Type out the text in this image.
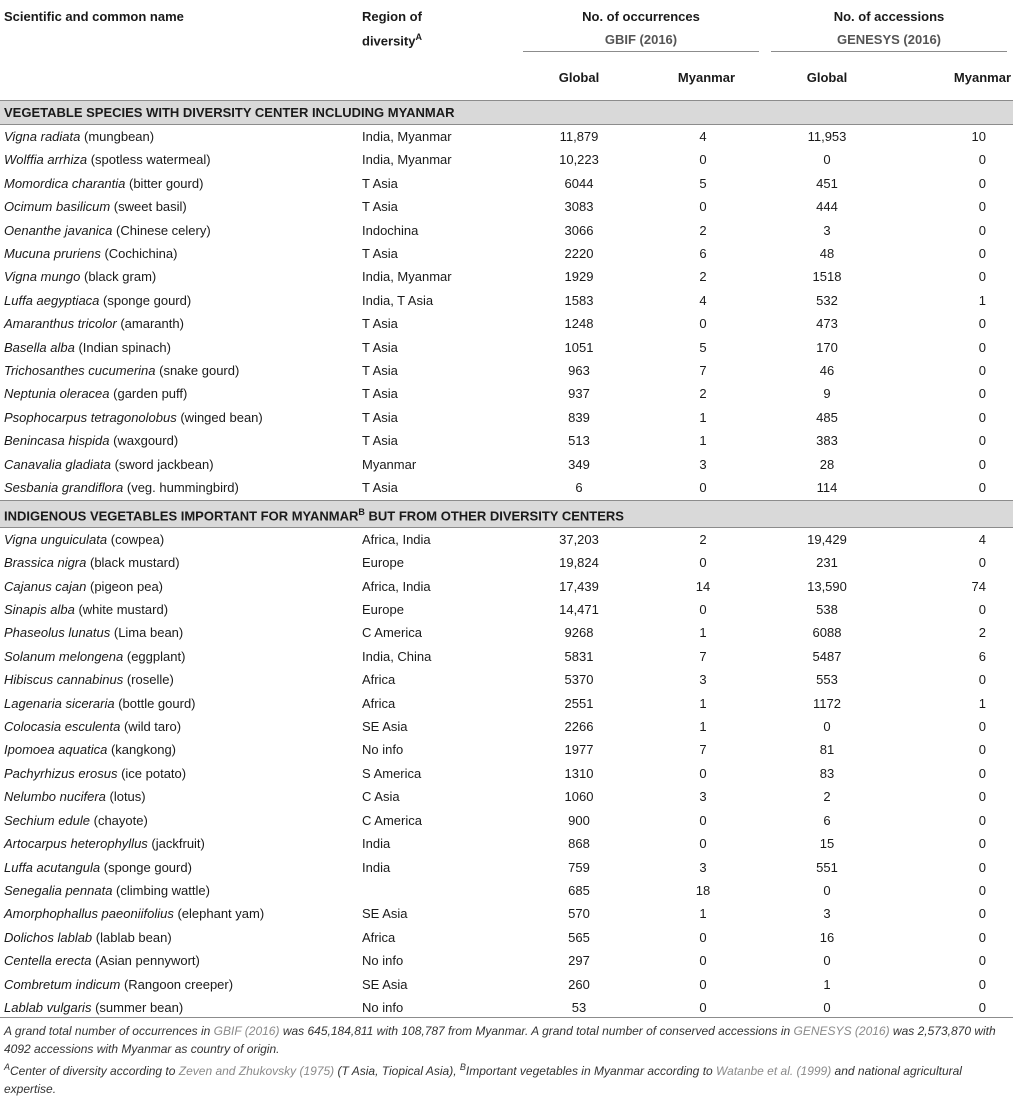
Scientific and common name	Region of	No. of occurrences		No. of accessions	
	diversity$^A$	GBIF (2016)		GENESYS (2016)	

		Global	Myanmar	Global	Myanmar
VEGETABLE SPECIES WITH DIVERSITY CENTER INCLUDING MYANMAR					
Vigna radiata (mungbean)	India, Myanmar	11,879	4	11,953	10
Wolffia arrhiza (spotless watermeal)	India, Myanmar	10,223	0	0	0
Momordica charantia (bitter gourd)	T Asia	6044	5	451	0
Ocimum basilicum (sweet basil)	T Asia	3083	0	444	0
Oenanthe javanica (Chinese celery)	Indochina	3066	2	3	0
Mucuna pruriens (Cochichina)	T Asia	2220	6	48	0
Vigna mungo (black gram)	India, Myanmar	1929	2	1518	0
Luffa aegyptiaca (sponge gourd)	India, T Asia	1583	4	532	1
Amaranthus tricolor (amaranth)	T Asia	1248	0	473	0
Basella alba (Indian spinach)	T Asia	1051	5	170	0
Trichosanthes cucumerina (snake gourd)	T Asia	963	7	46	0
Neptunia oleracea (garden puff)	T Asia	937	2	9	0
Psophocarpus tetragonolobus (winged bean)	T Asia	839	1	485	0
Benincasa hispida (waxgourd)	T Asia	513	1	383	0
Canavalia gladiata (sword jackbean)	Myanmar	349	3	28	0
Sesbania grandiflora (veg. hummingbird)	T Asia	6	0	114	0
INDIGENOUS VEGETABLES IMPORTANT FOR $MYANMAR^B$ BUT FROM OTHER DIVERSITY CENTERS					
Vigna unguiculata (cowpea)	Africa, India	37,203	2	19,429	4
Brassica nigra (black mustard)	Europe	19,824	0	231	0
Cajanus cajan (pigeon pea)	Africa, India	17,439	14	13,590	74
Sinapis alba (white mustard)	Europe	14,471	0	538	0
Phaseolus lunatus (Lima bean)	C America	9268	1	6088	2
Solanum melongena (eggplant)	India, China	5831	7	5487	6
Hibiscus cannabinus (roselle)	Africa	5370	3	553	0
Lagenaria siceraria (bottle gourd)	Africa	2551	1	1172	1
Colocasia esculenta (wild taro)	SE Asia	2266	1	0	0
Ipomoea aquatica (kangkong)	No info	1977	7	81	0
Pachyrhizus erosus (ice potato)	S America	1310	0	83	0
Nelumbo nucifera (lotus)	C Asia	1060	3	2	0
Sechium edule (chayote)	C America	900	0	6	0
Artocarpus heterophyllus (jackfruit)	India	868	0	15	0
Luffa acutangula (sponge gourd)	India	759	3	551	0
Senegalia pennata (climbing wattle)		685	18	0	0
Amorphophallus paeoniifolius (elephant yam)	SE Asia	570	1	3	0
Dolichos lablab (lablab bean)	Africa	565	0	16	0
Centella erecta (Asian pennywort)	No info	297	0	0	0
Combretum indicum (Rangoon creeper)	SE Asia	260	0	1	0
Lablab vulgaris (summer bean)	No info	53	0	0	0

A grand total number of occurrences in GBIF (2016) was 645,184,811 with 108,787 from Myanmar. A grand total number of conserved accessions in GENESYS (2016) was 2,573,870 with 4092 accessions with Myanmar as country of origin.

$^A$Center of diversity according to Zeven and Zhukovsky (1975) (T Asia, Tiopical Asia), $^B$Important vegetables in Myanmar according to Watanbe et al. (1999) and national agricultural expertise.
